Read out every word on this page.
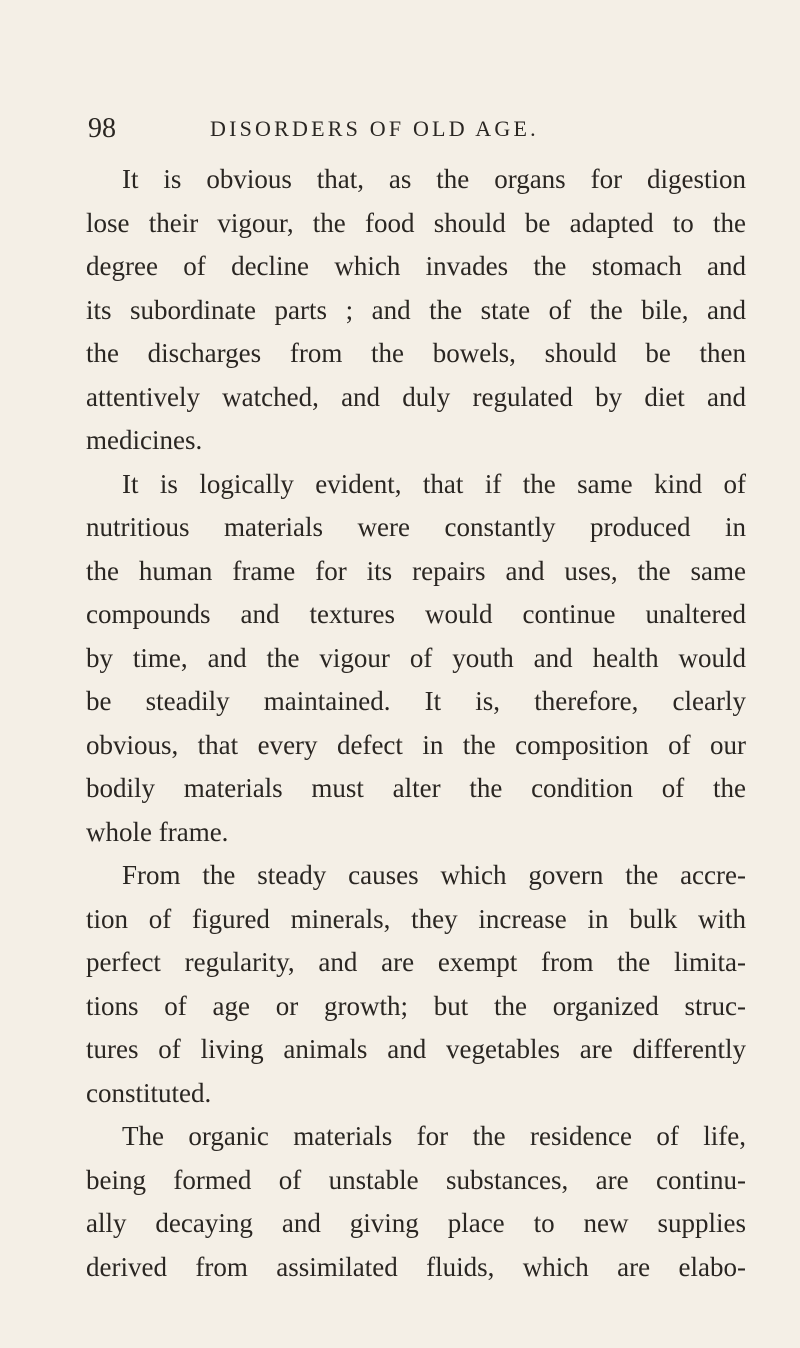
98	DISORDERS OF OLD AGE.
It is obvious that, as the organs for digestion
lose their vigour, the food should be adapted to the
degree of decline which invades the stomach and
its subordinate parts ; and the state of the bile, and
the discharges from the bowels, should be then
attentively watched, and duly regulated by diet and
medicines.
It is logically evident, that if the same kind of
nutritious materials were constantly produced in
the human frame for its repairs and uses, the same
compounds and textures would continue unaltered
by time, and the vigour of youth and health would
be steadily maintained. It is, therefore, clearly
obvious, that every defect in the composition of our
bodily materials must alter the condition of the
whole frame.
From the steady causes which govern the accre-
tion of figured minerals, they increase in bulk with
perfect regularity, and are exempt from the limita-
tions of age or growth; but the organized struc-
tures of living animals and vegetables are differently
constituted.
The organic materials for the residence of life,
being formed of unstable substances, are continu-
ally decaying and giving place to new supplies
derived from assimilated fluids, which are elabo-
